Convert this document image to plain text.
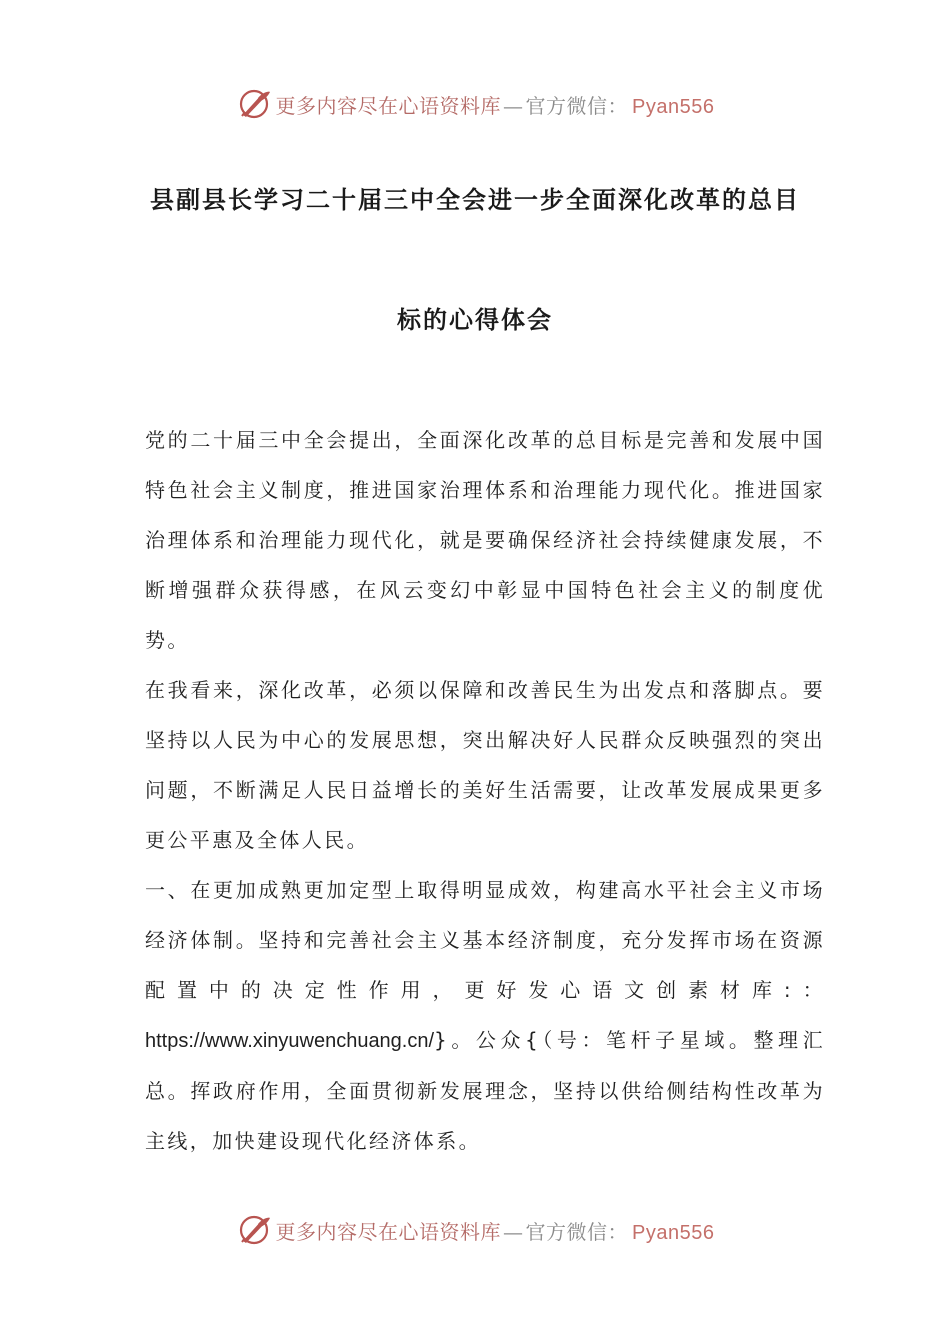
更多内容尽在心语资料库 — 官方微信： Pyan556
县副县长学习二十届三中全会进一步全面深化改革的总目
标的心得体会

党的二十届三中全会提出，全面深化改革的总目标是完善和发展中国特色社会主义制度，推进国家治理体系和治理能力现代化。推进国家治理体系和治理能力现代化，就是要确保经济社会持续健康发展，不断增强群众获得感，在风云变幻中彰显中国特色社会主义的制度优势。

在我看来，深化改革，必须以保障和改善民生为出发点和落脚点。要坚持以人民为中心的发展思想，突出解决好人民群众反映强烈的突出问题，不断满足人民日益增长的美好生活需要，让改革发展成果更多更公平惠及全体人民。

一、在更加成熟更加定型上取得明显成效，构建高水平社会主义市场经济体制。坚持和完善社会主义基本经济制度，充分发挥市场在资源配置中的决定性作用，更好发心语文创素材库:：https://www.xinyuwenchuang.cn/}。公众{（号：笔杆子星域。整理汇总。挥政府作用，全面贯彻新发展理念，坚持以供给侧结构性改革为主线，加快建设现代化经济体系。

更多内容尽在心语资料库 — 官方微信： Pyan556
